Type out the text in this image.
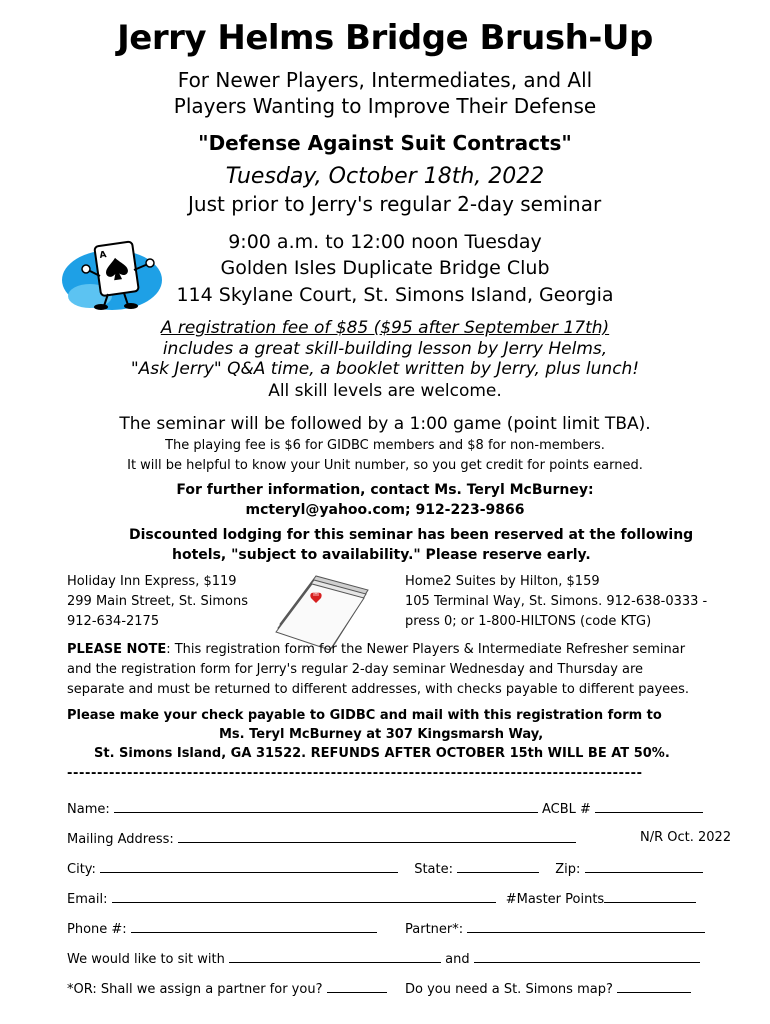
Jerry Helms Bridge Brush-Up
For Newer Players, Intermediates, and All
Players Wanting to Improve Their Defense
"Defense Against Suit Contracts"
Tuesday, October 18th, 2022
Just prior to Jerry's regular 2-day seminar
A
9:00 a.m. to 12:00 noon Tuesday
Golden Isles Duplicate Bridge Club
114 Skylane Court, St. Simons Island, Georgia
A registration fee of $85 ($95 after September 17th)
includes a great skill-building lesson by Jerry Helms,
"Ask Jerry" Q&A time, a booklet written by Jerry, plus lunch!
All skill levels are welcome.
The seminar will be followed by a 1:00 game (point limit TBA).
The playing fee is $6 for GIDBC members and $8 for non-members.
It will be helpful to know your Unit number, so you get credit for points earned.
For further information, contact Ms. Teryl McBurney:
mcteryl@yahoo.com; 912-223-9866
Discounted lodging for this seminar has been reserved at the following
hotels, "subject to availability." Please reserve early.
Holiday Inn Express, $119
299 Main Street, St. Simons
912-634-2175
Home2 Suites by Hilton, $159
105 Terminal Way, St. Simons. 912-638-0333 -
press 0; or 1-800-HILTONS (code KTG)
PLEASE NOTE: This registration form for the Newer Players & Intermediate Refresher seminar
and the registration form for Jerry's regular 2-day seminar Wednesday and Thursday are
separate and must be returned to different addresses, with checks payable to different payees.
Please make your check payable to GIDBC and mail with this registration form to
Ms. Teryl McBurney at 307 Kingsmarsh Way,
St. Simons Island, GA 31522. REFUNDS AFTER OCTOBER 15th WILL BE AT 50%.
------------------------------------------------------------------------------------------------
Name:	ACBL #
Mailing Address:	N/R Oct. 2022
City:	State:	Zip:
Email:	#Master Points
Phone #:	Partner*:
We would like to sit with	and
*OR: Shall we assign a partner for you?	Do you need a St. Simons map?
